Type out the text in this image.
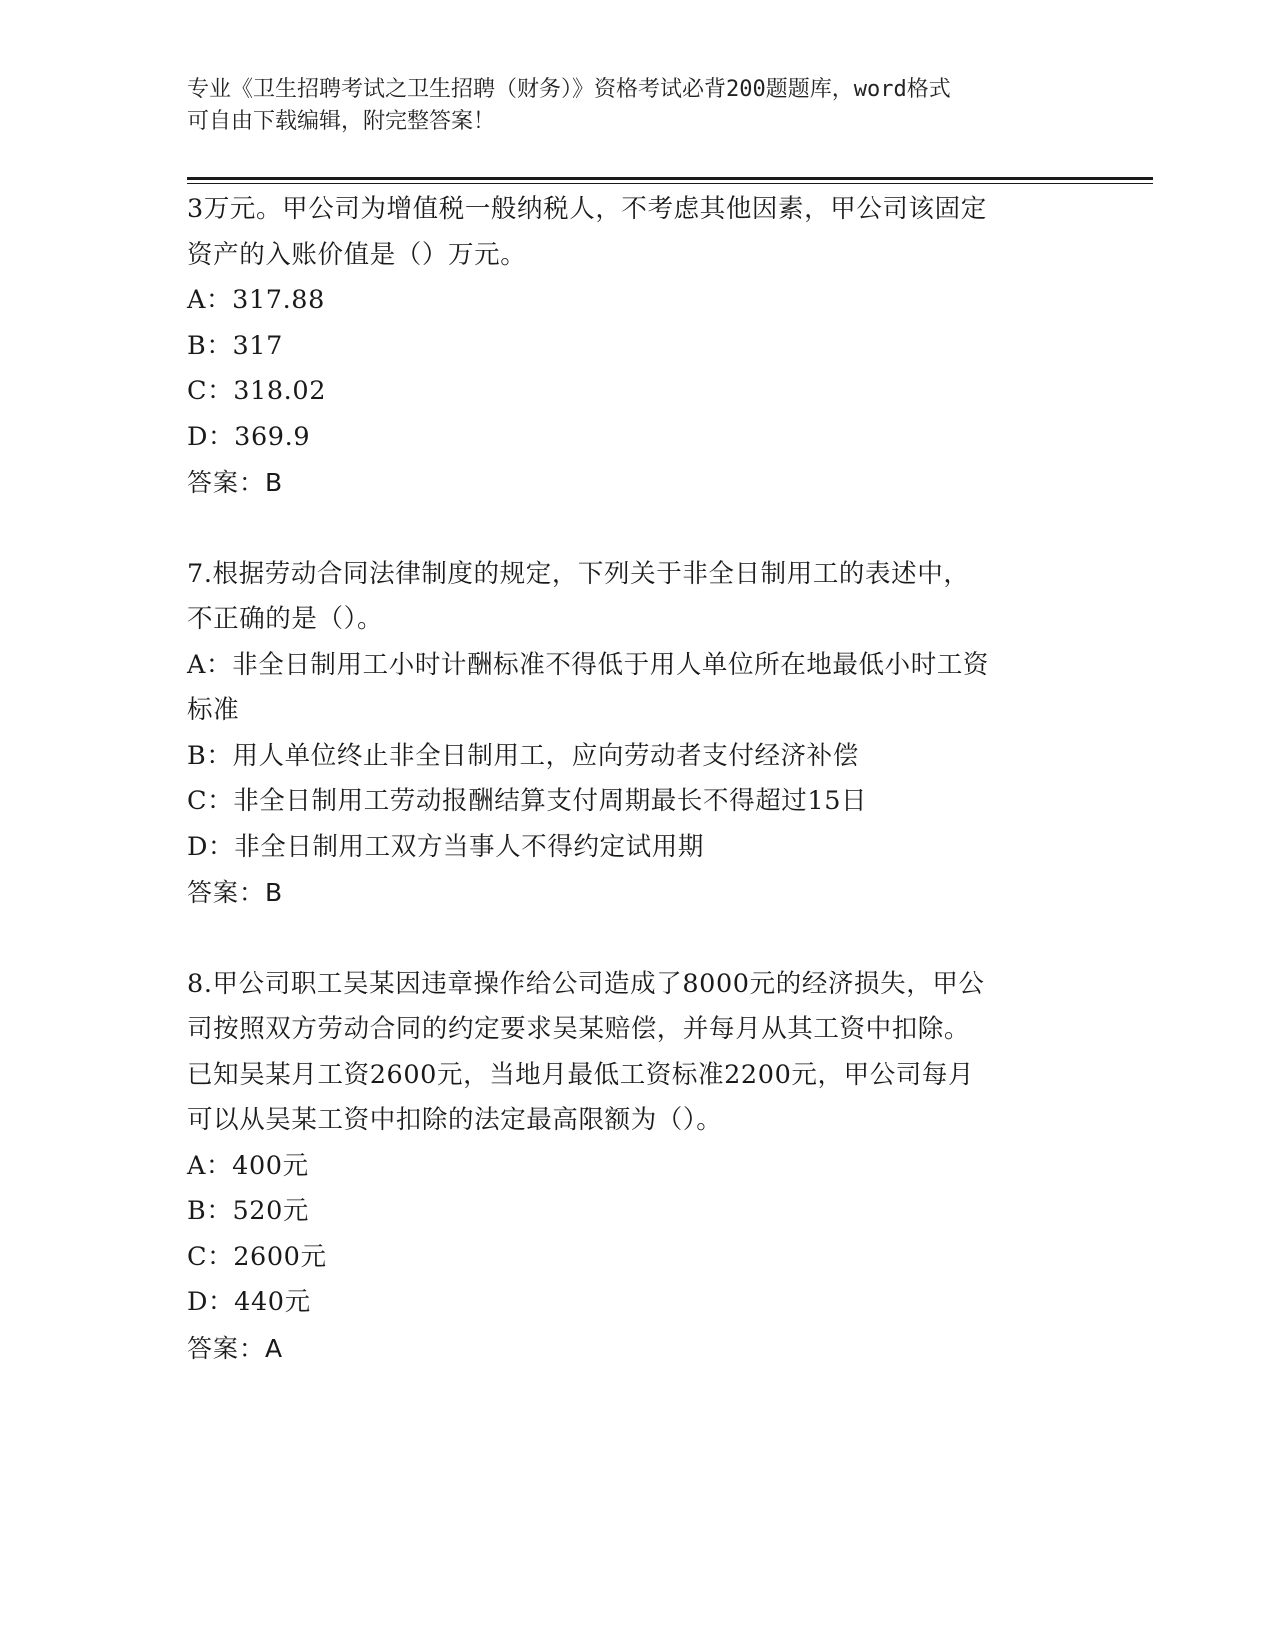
专业《卫生招聘考试之卫生招聘（财务）》资格考试必背200题题库，word格式
可自由下载编辑，附完整答案！
3万元。甲公司为增值税一般纳税人，不考虑其他因素，甲公司该固定
资产的入账价值是（）万元。
A：317.88
B：317
C：318.02
D：369.9
答案：B
7.根据劳动合同法律制度的规定，下列关于非全日制用工的表述中，
不正确的是（）。
A：非全日制用工小时计酬标准不得低于用人单位所在地最低小时工资
标准
B：用人单位终止非全日制用工，应向劳动者支付经济补偿
C：非全日制用工劳动报酬结算支付周期最长不得超过15日
D：非全日制用工双方当事人不得约定试用期
答案：B
8.甲公司职工吴某因违章操作给公司造成了8000元的经济损失，甲公
司按照双方劳动合同的约定要求吴某赔偿，并每月从其工资中扣除。
已知吴某月工资2600元，当地月最低工资标准2200元，甲公司每月
可以从吴某工资中扣除的法定最高限额为（）。
A：400元
B：520元
C：2600元
D：440元
答案：A
